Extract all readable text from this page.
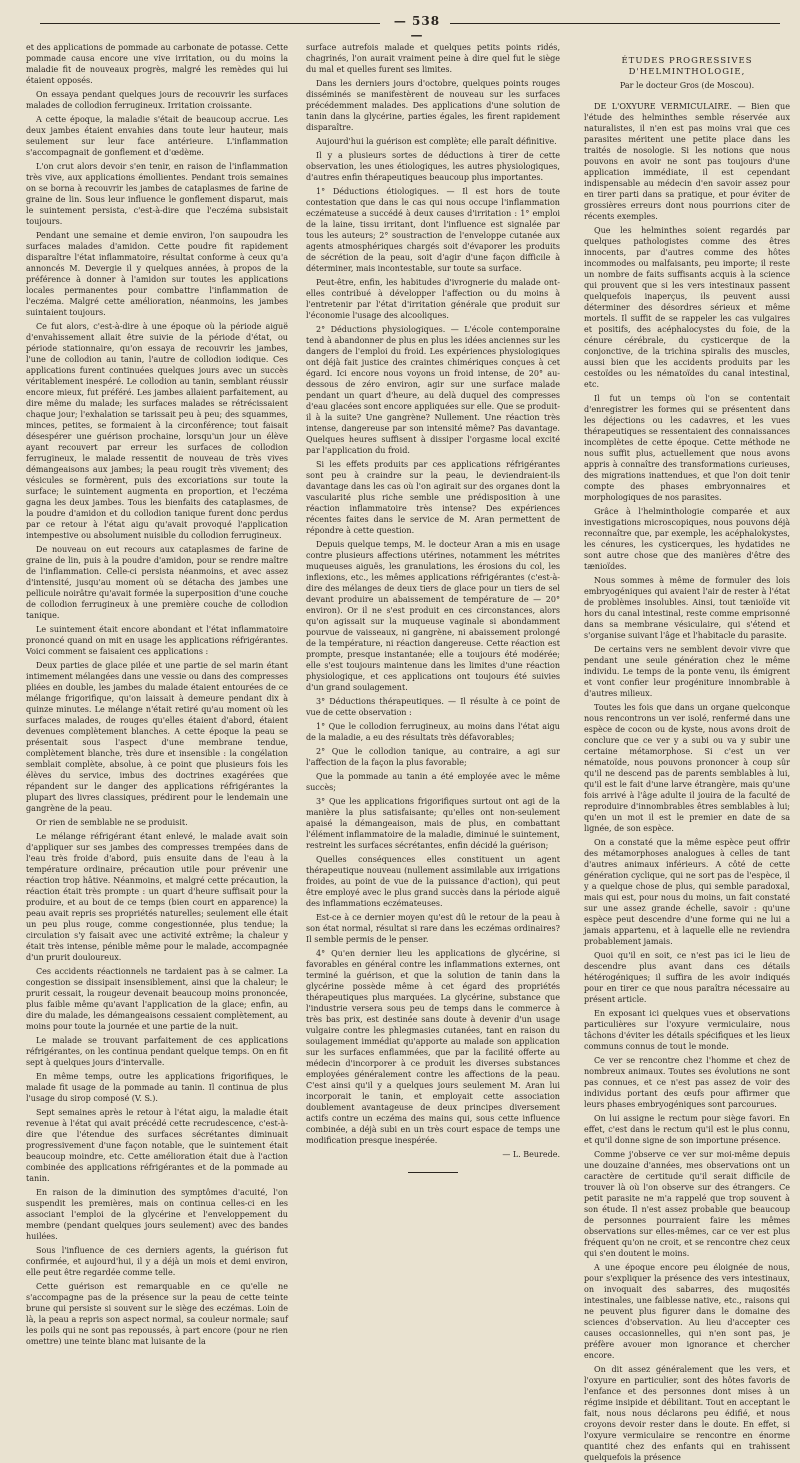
— 538 —

et des applications de pommade au carbonate de potasse. Cette pommade causa encore une vive irritation, ou du moins la maladie fit de nouveaux progrès, malgré les remèdes qui lui étaient opposés.

On essaya pendant quelques jours de recouvrir les surfaces malades de collodion ferrugineux. Irritation croissante.

A cette époque, la maladie s'était de beaucoup accrue. Les deux jambes étaient envahies dans toute leur hauteur, mais seulement sur leur face antérieure. L'inflammation s'accompagnait de gonflement et d'œdème.

L'on crut alors devoir s'en tenir, en raison de l'inflammation très vive, aux applications émollientes. Pendant trois semaines on se borna à recouvrir les jambes de cataplasmes de farine de graine de lin. Sous leur influence le gonflement disparut, mais le suintement persista, c'est-à-dire que l'eczéma subsistait toujours.

Pendant une semaine et demie environ, l'on saupoudra les surfaces malades d'amidon. Cette poudre fit rapidement disparaître l'état inflammatoire, résultat conforme à ceux qu'a annoncés M. Devergie il y quelques années, à propos de la préférence à donner à l'amidon sur toutes les applications locales permanentes pour combattre l'inflammation de l'eczéma. Malgré cette amélioration, néanmoins, les jambes suintaient toujours.

Ce fut alors, c'est-à-dire à une époque où la période aiguë d'envahissement allait être suivie de la période d'état, ou période stationnaire, qu'on essaya de recouvrir les jambes, l'une de collodion au tanin, l'autre de collodion iodique. Ces applications furent continuées quelques jours avec un succès véritablement inespéré. Le collodion au tanin, semblant réussir encore mieux, fut préféré. Les jambes allaient parfaitement, au dire même du malade; les surfaces malades se rétrécissaient chaque jour; l'exhalation se tarissait peu à peu; des squammes, minces, petites, se formaient à la circonférence; tout faisait désespérer une guérison prochaine, lorsqu'un jour un élève ayant recouvert par erreur les surfaces de collodion ferrugineux, le malade ressentit de nouveau de très vives démangeaisons aux jambes; la peau rougit très vivement; des vésicules se formèrent, puis des excoriations sur toute la surface; le suintement augmenta en proportion, et l'eczéma gagna les deux jambes. Tous les bienfaits des cataplasmes, de la poudre d'amidon et du collodion tanique furent donc perdus par ce retour à l'état aigu qu'avait provoqué l'application intempestive ou absolument nuisible du collodion ferrugineux.

De nouveau on eut recours aux cataplasmes de farine de graine de lin, puis à la poudre d'amidon, pour se rendre maître de l'inflammation. Celle-ci persista néanmoins, et avec assez d'intensité, jusqu'au moment où se détacha des jambes une pellicule noirâtre qu'avait formée la superposition d'une couche de collodion ferrugineux à une première couche de collodion tanique.

Le suintement était encore abondant et l'état inflammatoire prononcé quand on mit en usage les applications réfrigérantes. Voici comment se faisaient ces applications :

Deux parties de glace pilée et une partie de sel marin étant intimement mélangées dans une vessie ou dans des compresses pliées en double, les jambes du malade étaient entourées de ce mélange frigorifique, qu'on laissait à demeure pendant dix à quinze minutes. Le mélange n'était retiré qu'au moment où les surfaces malades, de rouges qu'elles étaient d'abord, étaient devenues complètement blanches. A cette époque la peau se présentait sous l'aspect d'une membrane tendue, complètement blanche, très dure et insensible : la congélation semblait complète, absolue, à ce point que plusieurs fois les élèves du service, imbus des doctrines exagérées que répandent sur le danger des applications réfrigérantes la plupart des livres classiques, prédirent pour le lendemain une gangrène de la peau.

Or rien de semblable ne se produisit.

Le mélange réfrigérant étant enlevé, le malade avait soin d'appliquer sur ses jambes des compresses trempées dans de l'eau très froide d'abord, puis ensuite dans de l'eau à la température ordinaire, précaution utile pour prévenir une réaction trop hâtive. Néanmoins, et malgré cette précaution, la réaction était très prompte : un quart d'heure suffisait pour la produire, et au bout de ce temps (bien court en apparence) la peau avait repris ses propriétés naturelles; seulement elle était un peu plus rouge, comme congestionnée, plus tendue; la circulation s'y faisait avec une activité extrême; la chaleur y était très intense, pénible même pour le malade, accompagnée d'un prurit douloureux.

Ces accidents réactionnels ne tardaient pas à se calmer. La congestion se dissipait insensiblement, ainsi que la chaleur; le prurit cessait, la rougeur devenait beaucoup moins prononcée, plus faible même qu'avant l'application de la glace; enfin, au dire du malade, les démangeaisons cessaient complètement, au moins pour toute la journée et une partie de la nuit.

Le malade se trouvant parfaitement de ces applications réfrigérantes, on les continua pendant quelque temps. On en fit sept à quelques jours d'intervalle.

En même temps, outre les applications frigorifiques, le malade fit usage de la pommade au tanin. Il continua de plus l'usage du sirop composé (V. S.).

Sept semaines après le retour à l'état aigu, la maladie était revenue à l'état qui avait précédé cette recrudescence, c'est-à-dire que l'étendue des surfaces sécrétantes diminuait progressivement d'une façon notable, que le suintement était beaucoup moindre, etc. Cette amélioration était due à l'action combinée des applications réfrigérantes et de la pommade au tanin.

En raison de la diminution des symptômes d'acuité, l'on suspendit les premières, mais on continua celles-ci en les associant l'emploi de la glycérine et l'enveloppement du membre (pendant quelques jours seulement) avec des bandes huilées.

Sous l'influence de ces derniers agents, la guérison fut confirmée, et aujourd'hui, il y a déjà un mois et demi environ, elle peut être regardée comme telle.

Cette guérison est remarquable en ce qu'elle ne s'accompagne pas de la présence sur la peau de cette teinte brune qui persiste si souvent sur le siège des eczémas. Loin de là, la peau a repris son aspect normal, sa couleur normale; sauf les poils qui ne sont pas repoussés, à part encore (pour ne rien omettre) une teinte blanc mat luisante de la

surface autrefois malade et quelques petits points ridés, chagrinés, l'on aurait vraiment peine à dire quel fut le siège du mal et quelles furent ses limites.

Dans les derniers jours d'octobre, quelques points rouges disséminés se manifestèrent de nouveau sur les surfaces précédemment malades. Des applications d'une solution de tanin dans la glycérine, parties égales, les firent rapidement disparaître.

Aujourd'hui la guérison est complète; elle paraît définitive.

Il y a plusieurs sortes de déductions à tirer de cette observation, les unes étiologiques, les autres physiologiques, d'autres enfin thérapeutiques beaucoup plus importantes.

1° Déductions étiologiques. — Il est hors de toute contestation que dans le cas qui nous occupe l'inflammation eczémateuse a succédé à deux causes d'irritation : 1° emploi de la laine, tissu irritant, dont l'influence est signalée par tous les auteurs; 2° soustraction de l'enveloppe cutanée aux agents atmosphériques chargés soit d'évaporer les produits de sécrétion de la peau, soit d'agir d'une façon difficile à déterminer, mais incontestable, sur toute sa surface.

Peut-être, enfin, les habitudes d'ivrognerie du malade ont-elles contribué à développer l'affection ou du moins à l'entretenir par l'état d'irritation générale que produit sur l'économie l'usage des alcooliques.

2° Déductions physiologiques. — L'école contemporaine tend à abandonner de plus en plus les idées anciennes sur les dangers de l'emploi du froid. Les expériences physiologiques ont déjà fait justice des craintes chimériques conçues à cet égard. Ici encore nous voyons un froid intense, de 20° au-dessous de zéro environ, agir sur une surface malade pendant un quart d'heure, au delà duquel des compresses d'eau glacées sont encore appliquées sur elle. Que se produit-il à la suite? Une gangrène? Nullement. Une réaction très intense, dangereuse par son intensité même? Pas davantage. Quelques heures suffisent à dissiper l'orgasme local excité par l'application du froid.

Si les effets produits par ces applications réfrigérantes sont peu à craindre sur la peau, le deviendraient-ils davantage dans les cas où l'on agirait sur des organes dont la vascularité plus riche semble une prédisposition à une réaction inflammatoire très intense? Des expériences récentes faites dans le service de M. Aran permettent de répondre à cette question.

Depuis quelque temps, M. le docteur Aran a mis en usage contre plusieurs affections utérines, notamment les métrites muqueuses aiguës, les granulations, les érosions du col, les inflexions, etc., les mêmes applications réfrigérantes (c'est-à-dire des mélanges de deux tiers de glace pour un tiers de sel devant produire un abaissement de température de — 20° environ). Or il ne s'est produit en ces circonstances, alors qu'on agissait sur la muqueuse vaginale si abondamment pourvue de vaisseaux, ni gangrène, ni abaissement prolongé de la température, ni réaction dangereuse. Cette réaction est prompte, presque instantanée; elle a toujours été modérée; elle s'est toujours maintenue dans les limites d'une réaction physiologique, et ces applications ont toujours été suivies d'un grand soulagement.

3° Déductions thérapeutiques. — Il résulte à ce point de vue de cette observation :

1° Que le collodion ferrugineux, au moins dans l'état aigu de la maladie, a eu des résultats très défavorables;

2° Que le collodion tanique, au contraire, a agi sur l'affection de la façon la plus favorable;

Que la pommade au tanin a été employée avec le même succès;

3° Que les applications frigorifiques surtout ont agi de la manière la plus satisfaisante; qu'elles ont non-seulement apaisé la démangeaison, mais de plus, en combattant l'élément inflammatoire de la maladie, diminué le suintement, restreint les surfaces sécrétantes, enfin décidé la guérison;

Quelles conséquences elles constituent un agent thérapeutique nouveau (nullement assimilable aux irrigations froides, au point de vue de la puissance d'action), qui peut être employé avec le plus grand succès dans la période aiguë des inflammations eczémateuses.

Est-ce à ce dernier moyen qu'est dû le retour de la peau à son état normal, résultat si rare dans les eczémas ordinaires? Il semble permis de le penser.

4° Qu'en dernier lieu les applications de glycérine, si favorables en général contre les inflammations externes, ont terminé la guérison, et que la solution de tanin dans la glycérine possède même à cet égard des propriétés thérapeutiques plus marquées. La glycérine, substance que l'industrie versera sous peu de temps dans le commerce à très bas prix, est destinée sans doute à devenir d'un usage vulgaire contre les phlegmasies cutanées, tant en raison du soulagement immédiat qu'apporte au malade son application sur les surfaces enflammées, que par la facilité offerte au médecin d'incorporer à ce produit les diverses substances employées généralement contre les affections de la peau. C'est ainsi qu'il y a quelques jours seulement M. Aran lui incorporait le tanin, et employait cette association doublement avantageuse de deux principes diversement actifs contre un eczéma des mains qui, sous cette influence combinée, a déjà subi en un très court espace de temps une modification presque inespérée.

— L. Beurede.
ÉTUDES PROGRESSIVES D'HELMINTHOLOGIE,
Par le docteur Gros (de Moscou).

DE L'OXYURE VERMICULAIRE. — Bien que l'étude des helminthes semble réservée aux naturalistes, il n'en est pas moins vrai que ces parasites méritent une petite place dans les traités de nosologie. Si les notions que nous pouvons en avoir ne sont pas toujours d'une application immédiate, il est cependant indispensable au médecin d'en savoir assez pour en tirer parti dans sa pratique, et pour éviter de grossières erreurs dont nous pourrions citer de récents exemples.

Que les helminthes soient regardés par quelques pathologistes comme des êtres innocents, par d'autres comme des hôtes incommodes ou malfaisants, peu importe; il reste un nombre de faits suffisants acquis à la science qui prouvent que si les vers intestinaux passent quelquefois inaperçus, ils peuvent aussi déterminer des désordres sérieux et même mortels. Il suffit de se rappeler les cas vulgaires et positifs, des acéphalocystes du foie, de la cénure cérébrale, du cysticerque de la conjonctive, de la trichina spiralis des muscles, aussi bien que les accidents produits par les cestoïdes ou les nématoïdes du canal intestinal, etc.

Il fut un temps où l'on se contentait d'enregistrer les formes qui se présentent dans les déjections ou les cadavres, et les vues thérapeutiques se ressentaient des connaissances incomplètes de cette époque. Cette méthode ne nous suffit plus, actuellement que nous avons appris à connaître des transformations curieuses, des migrations inattendues, et que l'on doit tenir compte des phases embryonnaires et morphologiques de nos parasites.

Grâce à l'helminthologie comparée et aux investigations microscopiques, nous pouvons déjà reconnaître que, par exemple, les acéphalokystes, les cénures, les cysticerques, les hydatides ne sont autre chose que des manières d'être des tænioïdes.

Nous sommes à même de formuler des lois embryogéniques qui avaient l'air de rester à l'état de problèmes insolubles. Ainsi, tout tænioïde vit hors du canal intestinal, reste comme emprisonné dans sa membrane vésiculaire, qui s'étend et s'organise suivant l'âge et l'habitacle du parasite.

De certains vers ne semblent devoir vivre que pendant une seule génération chez le même individu. Le temps de la ponte venu, ils émigrent et vont confier leur progéniture innombrable à d'autres milieux.

Toutes les fois que dans un organe quelconque nous rencontrons un ver isolé, renfermé dans une espèce de cocon ou de kyste, nous avons droit de conclure que ce ver y a subi ou va y subir une certaine métamorphose. Si c'est un ver nématoïde, nous pouvons prononcer à coup sûr qu'il ne descend pas de parents semblables à lui, qu'il est le fait d'une larve étrangère, mais qu'une fois arrivé à l'âge adulte il jouira de la faculté de reproduire d'innombrables êtres semblables à lui; qu'en un mot il est le premier en date de sa lignée, de son espèce.

On a constaté que la même espèce peut offrir des métamorphoses analogues à celles de tant d'autres animaux inférieurs. A côté de cette génération cyclique, qui ne sort pas de l'espèce, il y a quelque chose de plus, qui semble paradoxal, mais qui est, pour nous du moins, un fait constaté sur une assez grande échelle, savoir : qu'une espèce peut descendre d'une forme qui ne lui a jamais appartenu, et à laquelle elle ne reviendra probablement jamais.

Quoi qu'il en soit, ce n'est pas ici le lieu de descendre plus avant dans ces détails hétérogéniques; il suffira de les avoir indiqués pour en tirer ce que nous paraîtra nécessaire au présent article.

En exposant ici quelques vues et observations particulières sur l'oxyure vermiculaire, nous tâchons d'éviter les détails spécifiques et les lieux communs connus de tout le monde.

Ce ver se rencontre chez l'homme et chez de nombreux animaux. Toutes ses évolutions ne sont pas connues, et ce n'est pas assez de voir des individus portant des œufs pour affirmer que leurs phases embryogéniques sont parcourues.

On lui assigne le rectum pour siège favori. En effet, c'est dans le rectum qu'il est le plus connu, et qu'il donne signe de son importune présence.

Comme j'observe ce ver sur moi-même depuis une douzaine d'années, mes observations ont un caractère de certitude qu'il serait difficile de trouver là où l'on observe sur des étrangers. Ce petit parasite ne m'a rappelé que trop souvent à son étude. Il n'est assez probable que beaucoup de personnes pourraient faire les mêmes observations sur elles-mêmes, car ce ver est plus fréquent qu'on ne croit, et se rencontre chez ceux qui s'en doutent le moins.

A une époque encore peu éloignée de nous, pour s'expliquer la présence des vers intestinaux, on invoquait des sabarres, des muqosités intestinales, une faiblesse native, etc., raisons qui ne peuvent plus figurer dans le domaine des sciences d'observation. Au lieu d'accepter ces causes occasionnelles, qui n'en sont pas, je préfère avouer mon ignorance et chercher encore.

On dit assez généralement que les vers, et l'oxyure en particulier, sont des hôtes favoris de l'enfance et des personnes dont mises à un régime insipide et débilitant. Tout en acceptant le fait, nous nous déclarons peu édifié, et nous croyons devoir rester dans le doute. En effet, si l'oxyure vermiculaire se rencontre en énorme quantité chez des enfants qui en trahissent quelquefois la présence
